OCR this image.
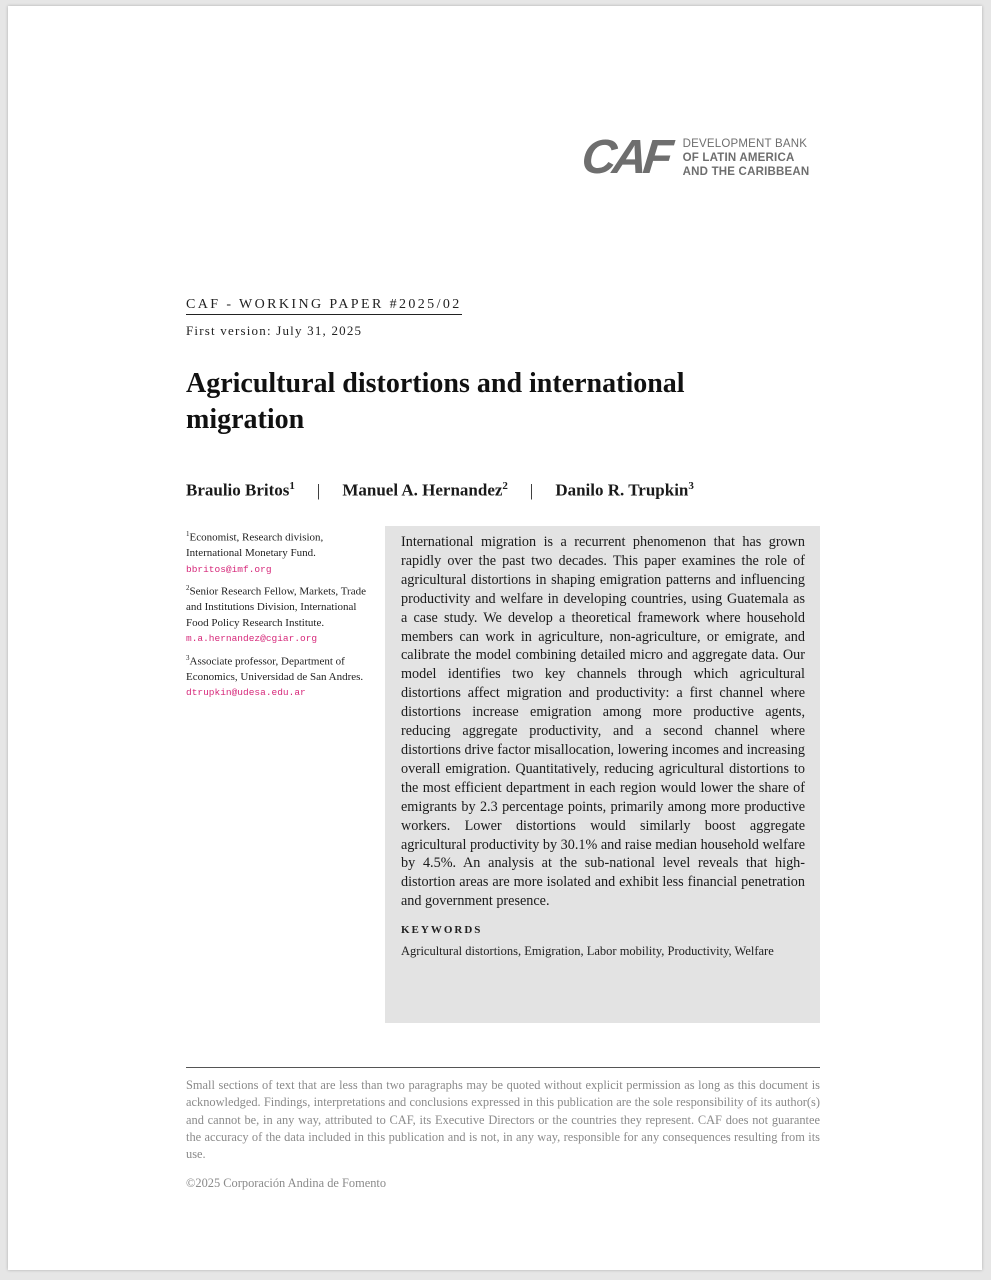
CAF DEVELOPMENT BANK
OF LATIN AMERICA
AND THE CARIBBEAN
CAF - WORKING PAPER #2025/02
First version: July 31, 2025
Agricultural distortions and international migration
Braulio Britos$^1$ | Manuel A. Hernandez$^2$ | Danilo R. Trupkin$^3$

$^1$Economist, Research division, International Monetary Fund. bbritos@imf.org

$^2$Senior Research Fellow, Markets, Trade and Institutions Division, International Food Policy Research Institute. m.a.hernandez@cgiar.org

$^3$Associate professor, Department of Economics, Universidad de San Andres. dtrupkin@udesa.edu.ar

International migration is a recurrent phenomenon that has grown rapidly over the past two decades. This paper examines the role of agricultural distortions in shaping emigration patterns and influencing productivity and welfare in developing countries, using Guatemala as a case study. We develop a theoretical framework where household members can work in agriculture, non-agriculture, or emigrate, and calibrate the model combining detailed micro and aggregate data. Our model identifies two key channels through which agricultural distortions affect migration and productivity: a first channel where distortions increase emigration among more productive agents, reducing aggregate productivity, and a second channel where distortions drive factor misallocation, lowering incomes and increasing overall emigration. Quantitatively, reducing agricultural distortions to the most efficient department in each region would lower the share of emigrants by 2.3 percentage points, primarily among more productive workers. Lower distortions would similarly boost aggregate agricultural productivity by 30.1% and raise median household welfare by 4.5%. An analysis at the sub-national level reveals that high-distortion areas are more isolated and exhibit less financial penetration and government presence.

KEYWORDS
Agricultural distortions, Emigration, Labor mobility, Productivity, Welfare

Small sections of text that are less than two paragraphs may be quoted without explicit permission as long as this document is acknowledged. Findings, interpretations and conclusions expressed in this publication are the sole responsibility of its author(s) and cannot be, in any way, attributed to CAF, its Executive Directors or the countries they represent. CAF does not guarantee the accuracy of the data included in this publication and is not, in any way, responsible for any consequences resulting from its use.

©2025 Corporación Andina de Fomento
